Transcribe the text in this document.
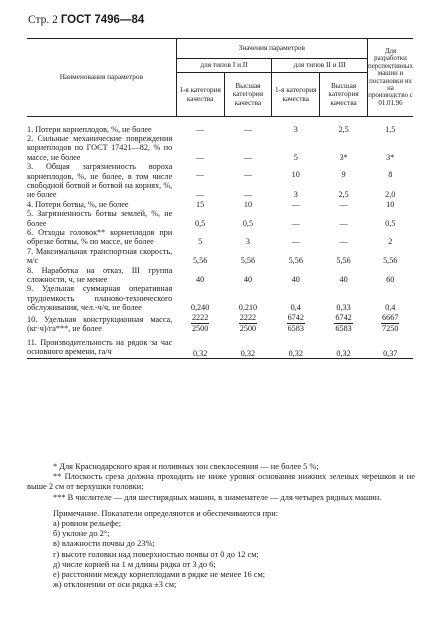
Стр. 2 ГОСТ 7496—84
Наименования параметров	Значения параметров				Для разработки перспективных машин и постановки их на производство с 01.01.96
	для типов I и II		для типов II и III		
	1-я категория качества	Высшая категория качества	1-я категория качества	Высшая категория качества	

1. Потери корнеплодов, %, не более	—	—	3	2,5	1,5
2. Сильные механические повреждения корнеплодов по ГОСТ 17421—82, % по массе, не более	—	—	5	3*	3*
3. Общая загрязненность вороха корнеплодов, %, не более, в том числе свободной ботвой и ботвой на корнях, %, не более	—	—	10	9	8
	—	—	3	2,5	2,0
4. Потери ботвы, %, не более	15	10	—	—	10
5. Загрязненность ботвы землей, %, не более	0,5	0,5	—	—	0,5
6. Отходы головок** корнеплодов при обрезке ботвы, % по массе, не более	5	3	—	—	2
7. Максимальная транспортная скорость, м/с	5,56	5,56	5,56	5,56	5,56
8. Наработка на отказ, III группа сложности, ч, не менее	40	40	40	40	60
9. Удельная суммарная оперативная трудоемкость планово-технического обслуживания, чел.-ч/ч, не более	0,240	0,210	0,4	0,33	0,4
10. Удельная конструкционная масса, (кг·ч)/га***, не более	$\frac{2222}{2500}$	$\frac{2222}{2500}$	$\frac{6742}{6583}$	$\frac{6742}{6583}$	$\frac{6667}{7250}$

11. Производительность на рядок за час основного времени, га/ч	0,32	0,32	0,32	0,32	0,37

* Для Краснодарского края и поливных зон свеклосеяния — не более 5 %;

** Плоскость среза должна проходить не ниже уровня основания нижних зеленых черешков и не выше 2 см от верхушки головки;

*** В числителе — для шестирядных машин, в знаменателе — для четырех рядных машин.

Примечание. Показатели определяются и обеспечиваются при:

а) ровном рельефе;

б) уклоне до 2°;

в) влажности почвы до 23%;

г) высоте головки над поверхностью почвы от 0 до 12 см;

д) числе корней на 1 м длины рядка от 3 до 6;

е) расстоянии между корнеплодами в рядке не менее 16 см;

ж) отклонении от оси рядка ±3 см;
